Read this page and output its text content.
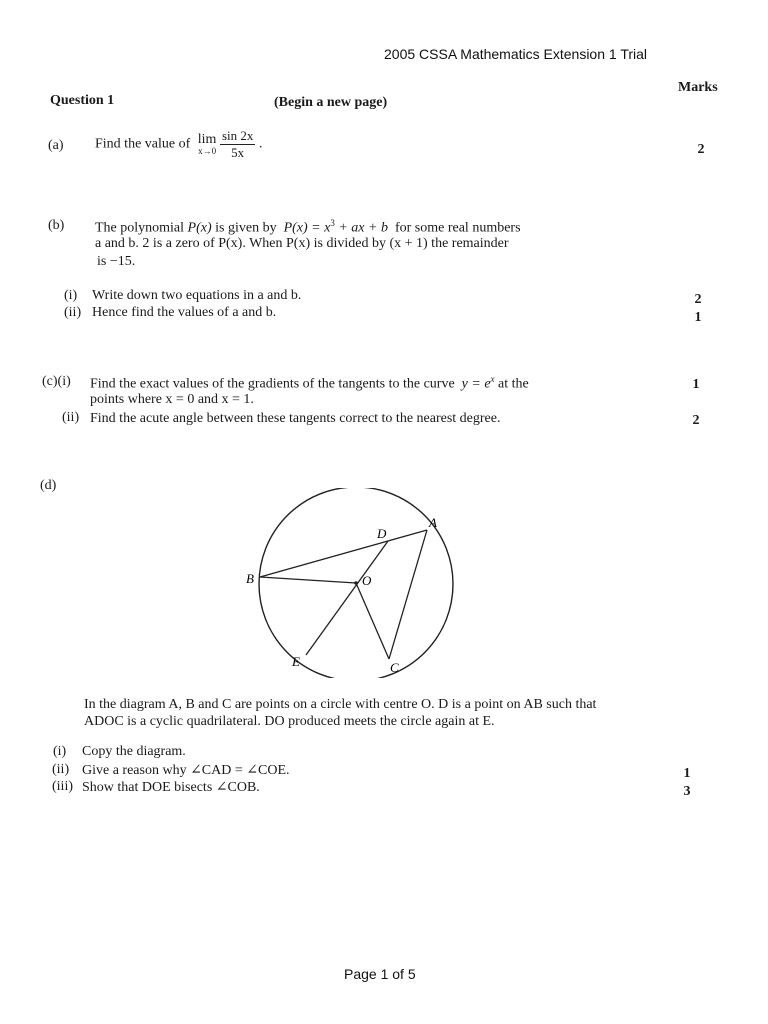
2005 CSSA Mathematics Extension 1 Trial
Marks
Question 1	(Begin a new page)
(a) Find the value of lim
x→0
$\frac{\sin 2x}{5x}$ .	2
(b) The polynomial P(x) is given by $P(x) = x^3$ + ax + b for some real numbers
a and b. 2 is a zero of P(x). When P(x) is divided by (x + 1) the remainder
is −15.
(i) Write down two equations in a and b.	2
(ii) Hence find the values of a and b.	1
(c)(i) Find the exact values of the gradients of the tangents to the curve $y = e^x$ at the	1
points where x = 0 and x = 1.
(ii) Find the acute angle between these tangents correct to the nearest degree.	2
(d)
A
B
C
D
E
O
In the diagram A, B and C are points on a circle with centre O. D is a point on AB such that
ADOC is a cyclic quadrilateral. DO produced meets the circle again at E.
(i) Copy the diagram.
(ii) Give a reason why ∠CAD = ∠COE.	1
(iii) Show that DOE bisects ∠COB.	3
Page 1 of 5
